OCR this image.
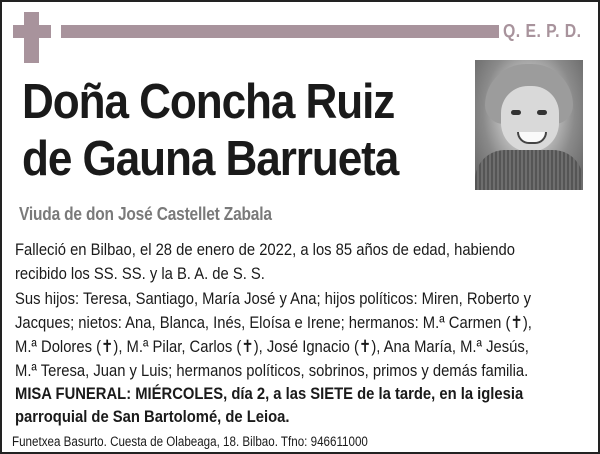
Q. E. P. D.
Doña Concha Ruiz
de Gauna Barrueta
Viuda de don José Castellet Zabala

Falleció en Bilbao, el 28 de enero de 2022, a los 85 años de edad, habiendo
recibido los SS. SS. y la B. A. de S. S.

Sus hijos: Teresa, Santiago, María José y Ana; hijos políticos: Miren, Roberto y
Jacques; nietos: Ana, Blanca, Inés, Eloísa e Irene; hermanos: M.ª Carmen (✝),
M.ª Dolores (✝), M.ª Pilar, Carlos (✝), José Ignacio (✝), Ana María, M.ª Jesús,
M.ª Teresa, Juan y Luis; hermanos políticos, sobrinos, primos y demás familia.

MISA FUNERAL: MIÉRCOLES, día 2, a las SIETE de la tarde, en la iglesia
parroquial de San Bartolomé, de Leioa.

Funetxea Basurto. Cuesta de Olabeaga, 18. Bilbao. Tfno: 946611000
